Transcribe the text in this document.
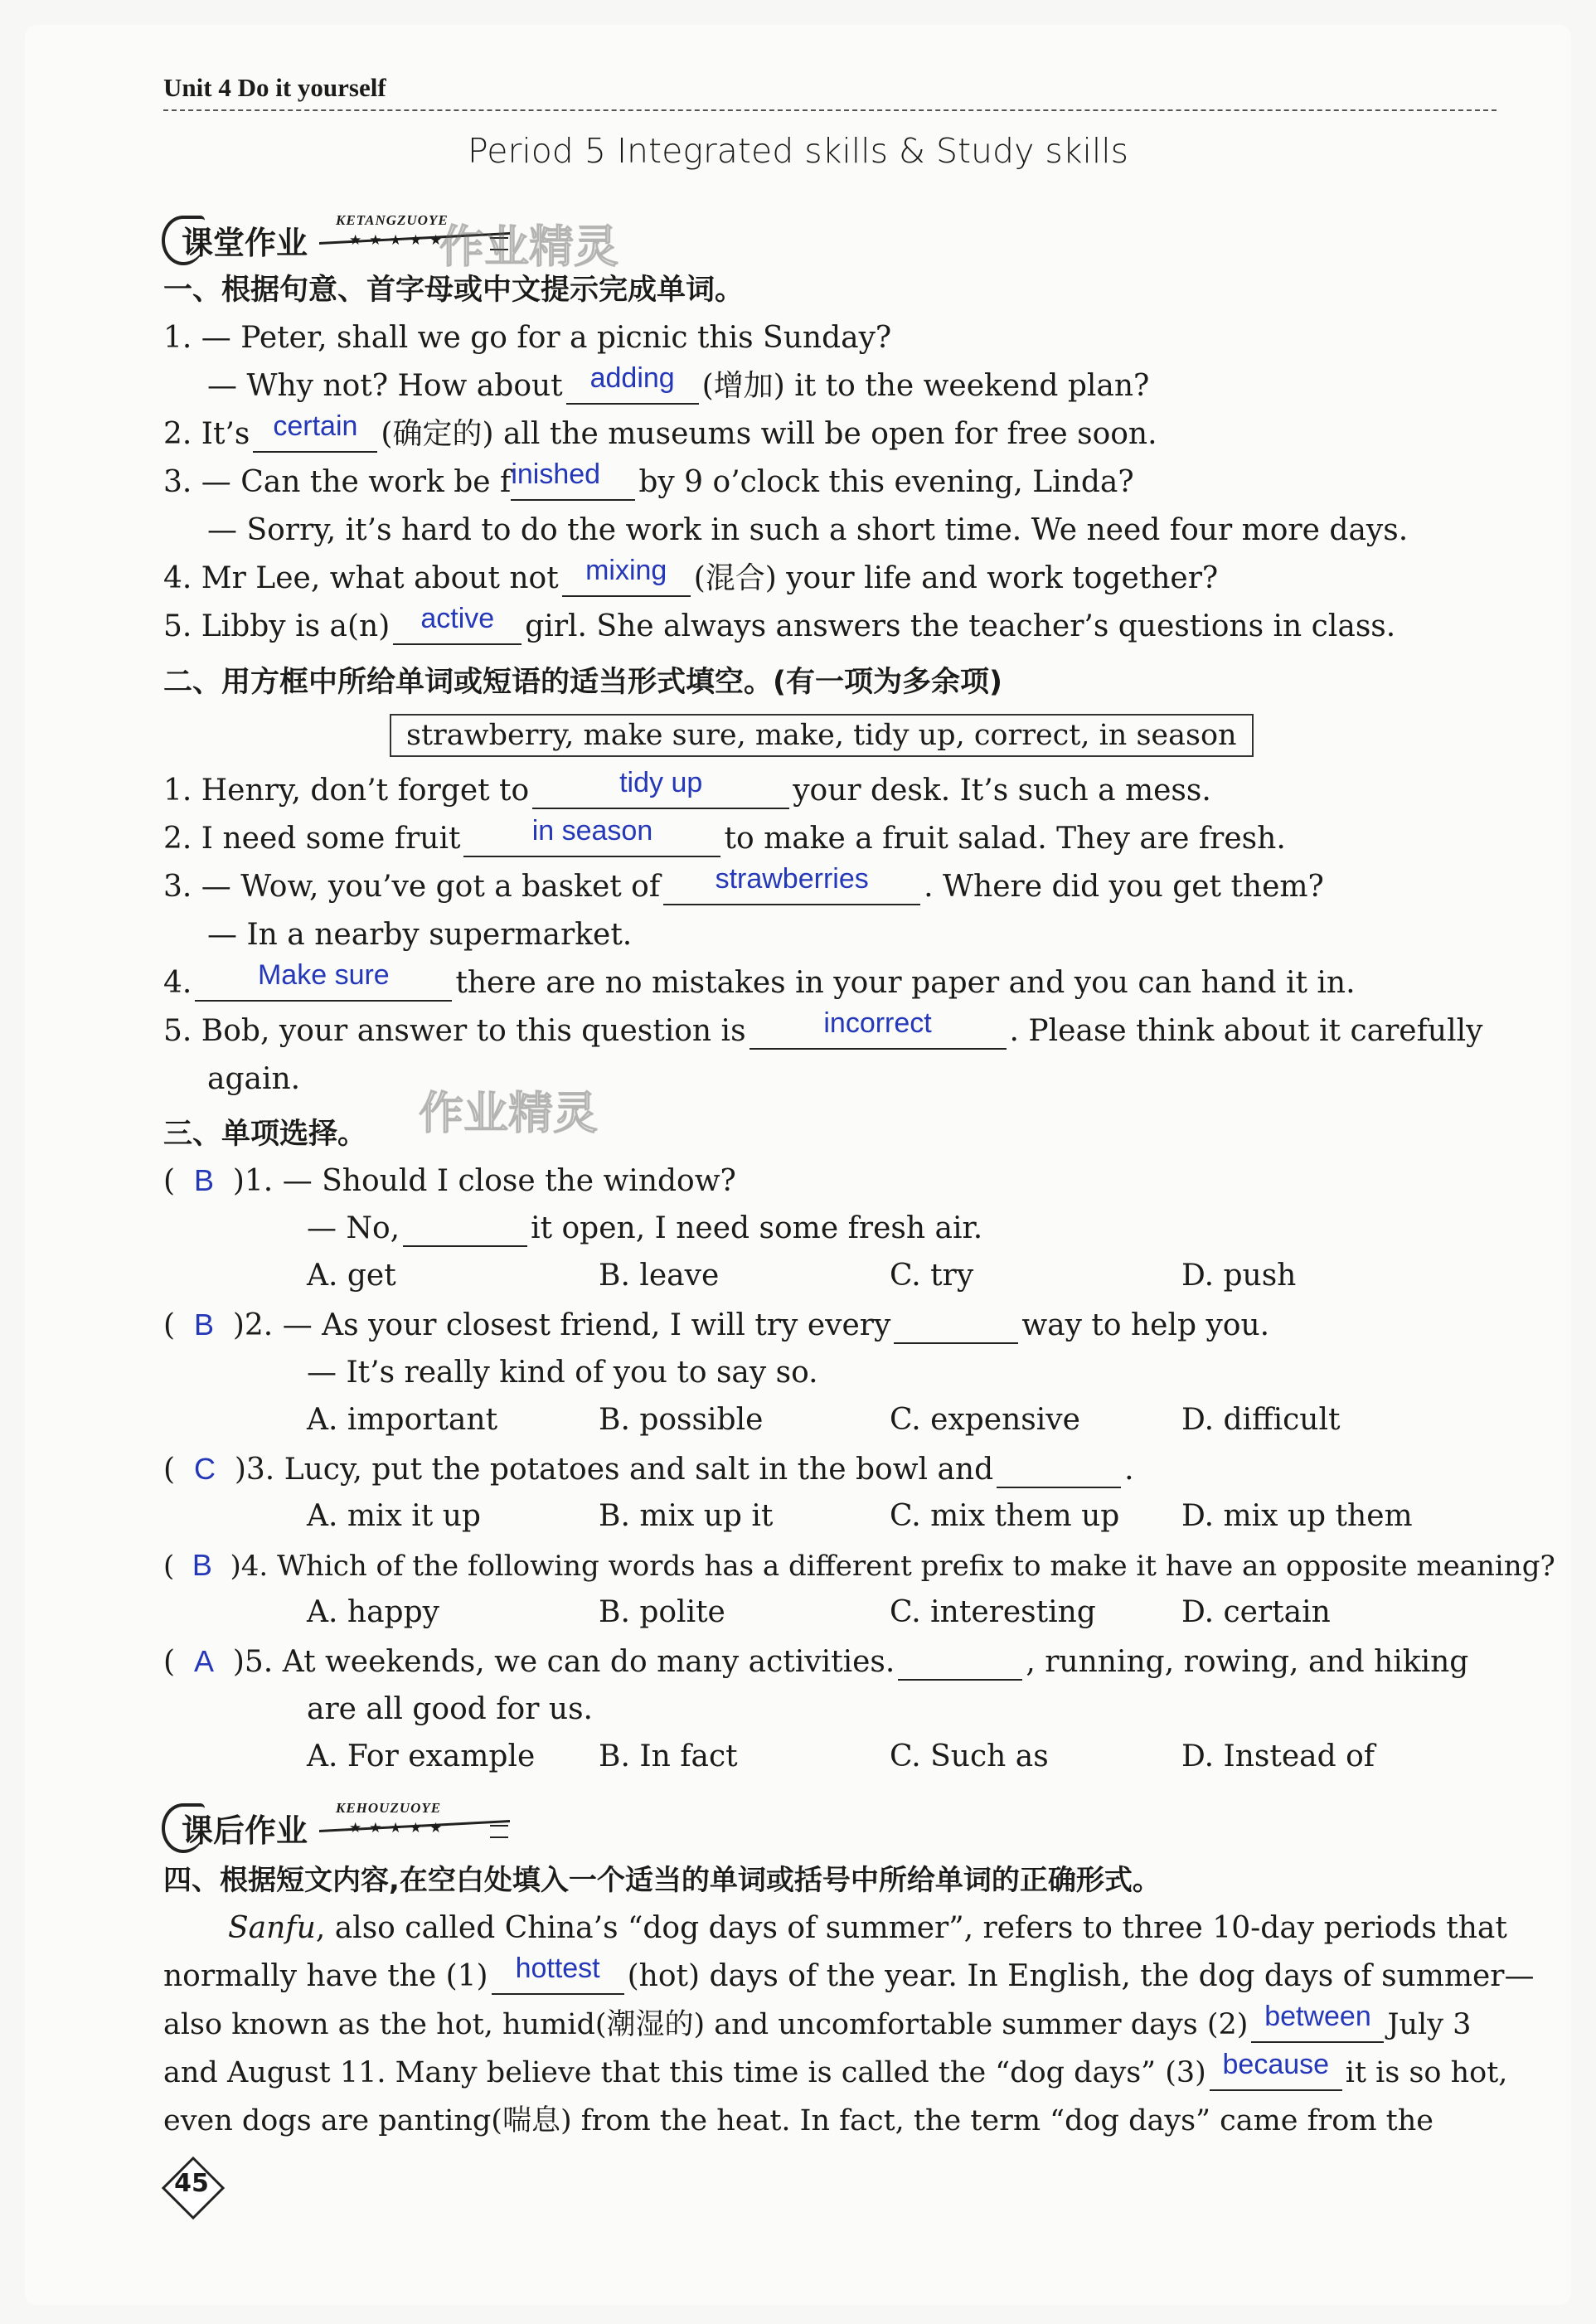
Unit 4 Do it yourself
Period 5 Integrated skills & Study skills
课堂作业
KETANGZUOYE
★★★★★
作业精灵
一、根据句意、首字母或中文提示完成单词。
1. — Peter, shall we go for a picnic this Sunday?
— Why not? How about adding (增加) it to the weekend plan?
2. It’s certain (确定的) all the museums will be open for free soon.
3. — Can the work be finished by 9 o’clock this evening, Linda?
— Sorry, it’s hard to do the work in such a short time. We need four more days.
4. Mr Lee, what about not mixing (混合) your life and work together?
5. Libby is a(n) active girl. She always answers the teacher’s questions in class.
二、用方框中所给单词或短语的适当形式填空。(有一项为多余项)
strawberry, make sure, make, tidy up, correct, in season
1. Henry, don’t forget to	tidy up	your desk. It’s such a mess.
2. I need some fruit	in season to make a fruit salad. They are fresh.
3. — Wow, you’ve got a basket of strawberries . Where did you get them?
— In a nearby supermarket.
4. Make sure there are no mistakes in your paper and you can hand it in.
5. Bob, your answer to this question is	incorrect	. Please think about it carefully
again.
三、单项选择。 作业精灵
(  B )1. — Should I close the window?
— No,	it open, I need some fresh air.
A. get	B. leave	C. try	D. push
(  B )2. — As your closest friend, I will try every	way to help you.
— It’s really kind of you to say so.
A. important	B. possible	C. expensive	D. difficult
(  C )3. Lucy, put the potatoes and salt in the bowl and	.
A. mix it up	B. mix up it	C. mix them up D. mix up them
(  B )4. Which of the following words has a different prefix to make it have an opposite meaning?
A. happy	B. polite	C. interesting	D. certain
(  A )5. At weekends, we can do many activities.	, running, rowing, and hiking
are all good for us.
A. For example B. In fact	C. Such as	D. Instead of
课后作业
KEHOUZUOYE
★★★★★
四、根据短文内容,在空白处填入一个适当的单词或括号中所给单词的正确形式。
Sanfu, also called China’s “dog days of summer”, refers to three 10-day periods that
normally have the (1) hottest (hot) days of the year. In English, the dog days of summer—
also known as the hot, humid(潮湿的) and uncomfortable summer days (2) between July 3
and August 11. Many believe that this time is called the “dog days” (3) because it is so hot,
even dogs are panting(喘息) from the heat. In fact, the term “dog days” came from the
45
